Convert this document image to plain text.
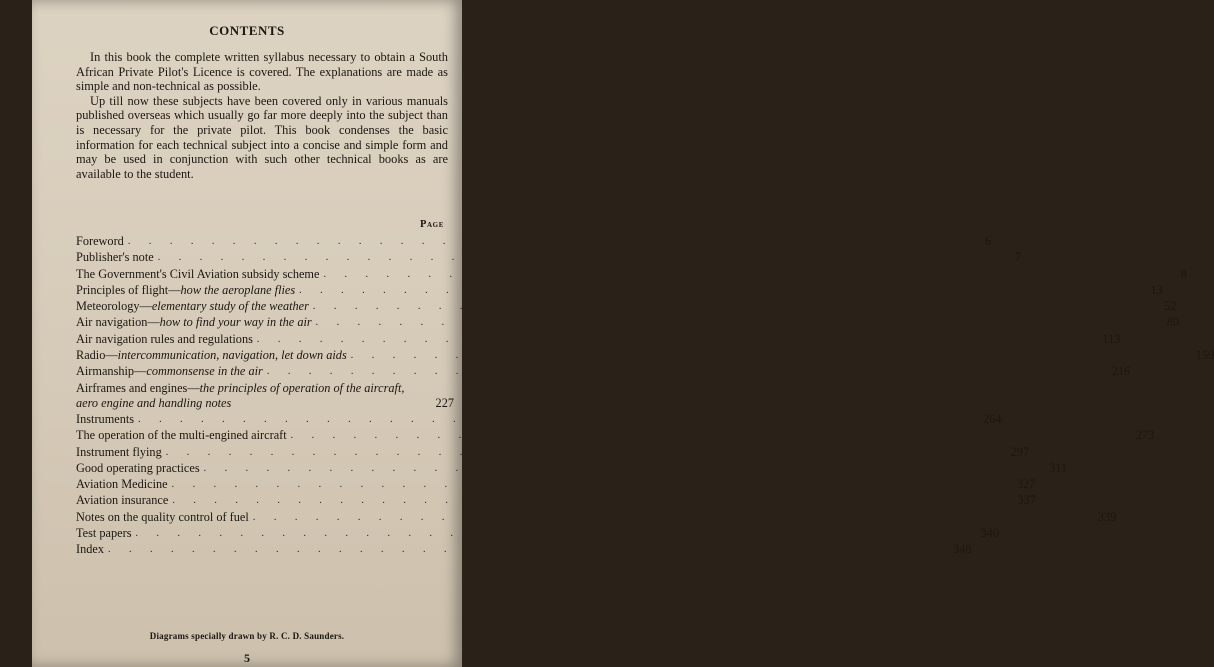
CONTENTS

In this book the complete written syllabus necessary to obtain a South African Private Pilot's Licence is covered. The explanations are made as simple and non-technical as possible.

Up till now these subjects have been covered only in various manuals published overseas which usually go far more deeply into the subject than is necessary for the private pilot. This book condenses the basic information for each technical subject into a concise and simple form and may be used in conjunction with such other technical books as are available to the student.

Page
Foreword . . . . . . . . . . . . . . . . . . . . . . . . . . . . . . . . . . . . . . . .	6
Publisher's note . . . . . . . . . . . . . . . . . . . . . . . . . . . . . . . . . . . . . . . .	7
The Government's Civil Aviation subsidy scheme . . . . . . . . . . . . . . . . . . . . . . . . . . . . . . . . . . . . . . . .	8
Principles of flight—how the aeroplane flies . . . . . . . . . . . . . . . . . . . . . . . . . . . . . . . . . . . . . . . .	13
Meteorology—elementary study of the weather . . . . . . . . . . . . . . . . . . . . . . . . . . . . . . . . . . . . . . . .	52
Air navigation—how to find your way in the air . . . . . . . . . . . . . . . . . . . . . . . . . . . . . . . . . . . . . . . .	80
Air navigation rules and regulations . . . . . . . . . . . . . . . . . . . . . . . . . . . . . . . . . . . . . . . .	113
Radio—intercommunication, navigation, let down aids . . . . . . . . . . . . . . . . . . . . . . . . . . . . . . . . . . . . . . . .	159
Airmanship—commonsense in the air . . . . . . . . . . . . . . . . . . . . . . . . . . . . . . . . . . . . . . . .	216
Airframes and engines—the principles of operation of the aircraft, aero engine and handling notes	227
Instruments . . . . . . . . . . . . . . . . . . . . . . . . . . . . . . . . . . . . . . . .	264
The operation of the multi-engined aircraft . . . . . . . . . . . . . . . . . . . . . . . . . . . . . . . . . . . . . . . .	273
Instrument flying . . . . . . . . . . . . . . . . . . . . . . . . . . . . . . . . . . . . . . . .	297
Good operating practices . . . . . . . . . . . . . . . . . . . . . . . . . . . . . . . . . . . . . . . .	311
Aviation Medicine . . . . . . . . . . . . . . . . . . . . . . . . . . . . . . . . . . . . . . . .	327
Aviation insurance . . . . . . . . . . . . . . . . . . . . . . . . . . . . . . . . . . . . . . . .	337
Notes on the quality control of fuel . . . . . . . . . . . . . . . . . . . . . . . . . . . . . . . . . . . . . . . .	339
Test papers . . . . . . . . . . . . . . . . . . . . . . . . . . . . . . . . . . . . . . . .	340
Index . . . . . . . . . . . . . . . . . . . . . . . . . . . . . . . . . . . . . . . .	348
Diagrams specially drawn by R. C. D. Saunders.
5
